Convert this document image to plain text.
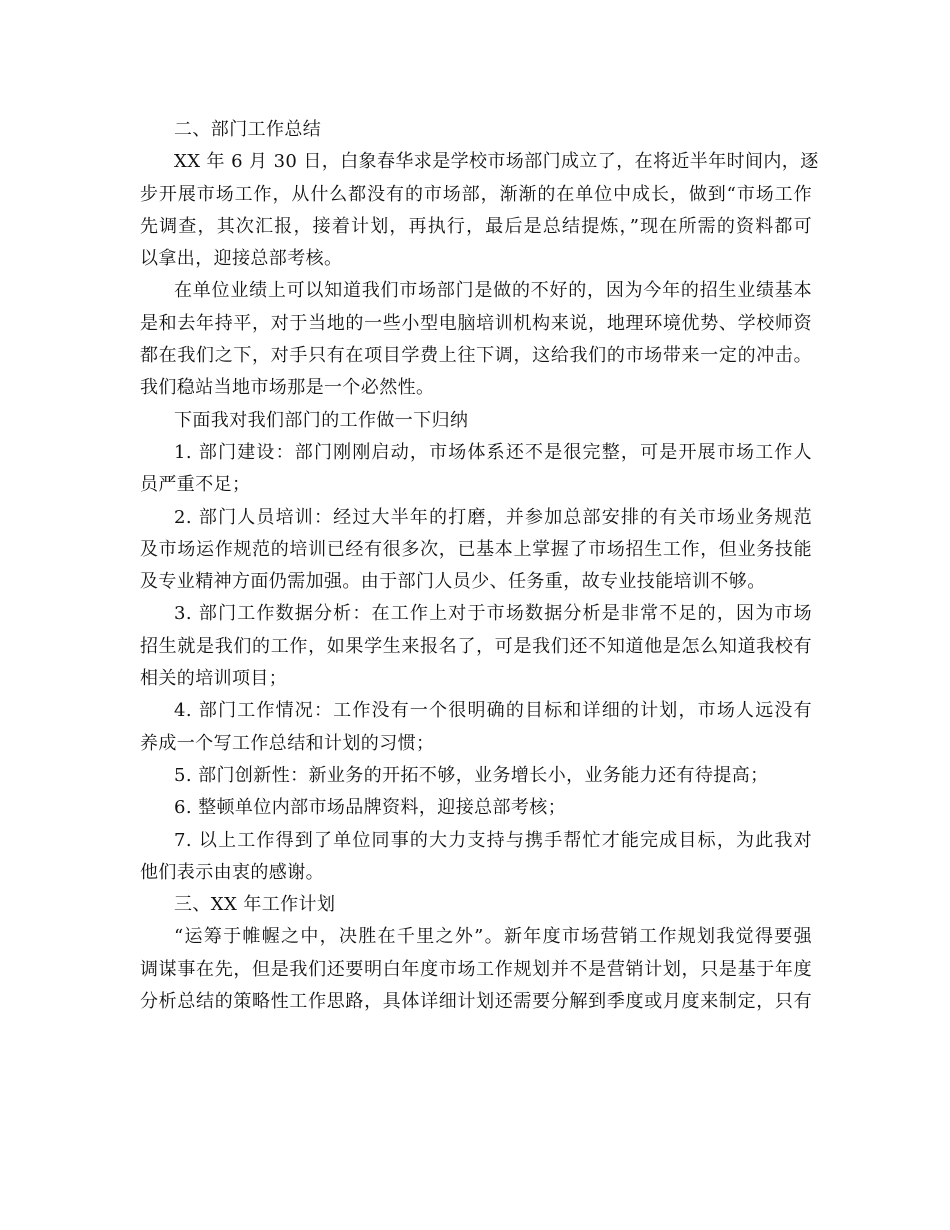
二、部门工作总结
XX 年 6 月 30 日，白象春华求是学校市场部门成立了，在将近半年时间内，逐
步开展市场工作，从什么都没有的市场部，渐渐的在单位中成长，做到“市场工作
先调查，其次汇报，接着计划，再执行，最后是总结提炼，”现在所需的资料都可
以拿出，迎接总部考核。
在单位业绩上可以知道我们市场部门是做的不好的，因为今年的招生业绩基本
是和去年持平，对于当地的一些小型电脑培训机构来说，地理环境优势、学校师资
都在我们之下，对手只有在项目学费上往下调，这给我们的市场带来一定的冲击。
我们稳站当地市场那是一个必然性。
下面我对我们部门的工作做一下归纳
1. 部门建设：部门刚刚启动，市场体系还不是很完整，可是开展市场工作人
员严重不足；
2. 部门人员培训：经过大半年的打磨，并参加总部安排的有关市场业务规范
及市场运作规范的培训已经有很多次，已基本上掌握了市场招生工作，但业务技能
及专业精神方面仍需加强。由于部门人员少、任务重，故专业技能培训不够。
3. 部门工作数据分析：在工作上对于市场数据分析是非常不足的，因为市场
招生就是我们的工作，如果学生来报名了，可是我们还不知道他是怎么知道我校有
相关的培训项目；
4. 部门工作情况：工作没有一个很明确的目标和详细的计划，市场人远没有
养成一个写工作总结和计划的习惯；
5. 部门创新性：新业务的开拓不够，业务增长小，业务能力还有待提高；
6. 整顿单位内部市场品牌资料，迎接总部考核；
7. 以上工作得到了单位同事的大力支持与携手帮忙才能完成目标，为此我对
他们表示由衷的感谢。
三、XX 年工作计划
“运筹于帷幄之中，决胜在千里之外”。新年度市场营销工作规划我觉得要强
调谋事在先，但是我们还要明白年度市场工作规划并不是营销计划，只是基于年度
分析总结的策略性工作思路，具体详细计划还需要分解到季度或月度来制定，只有
